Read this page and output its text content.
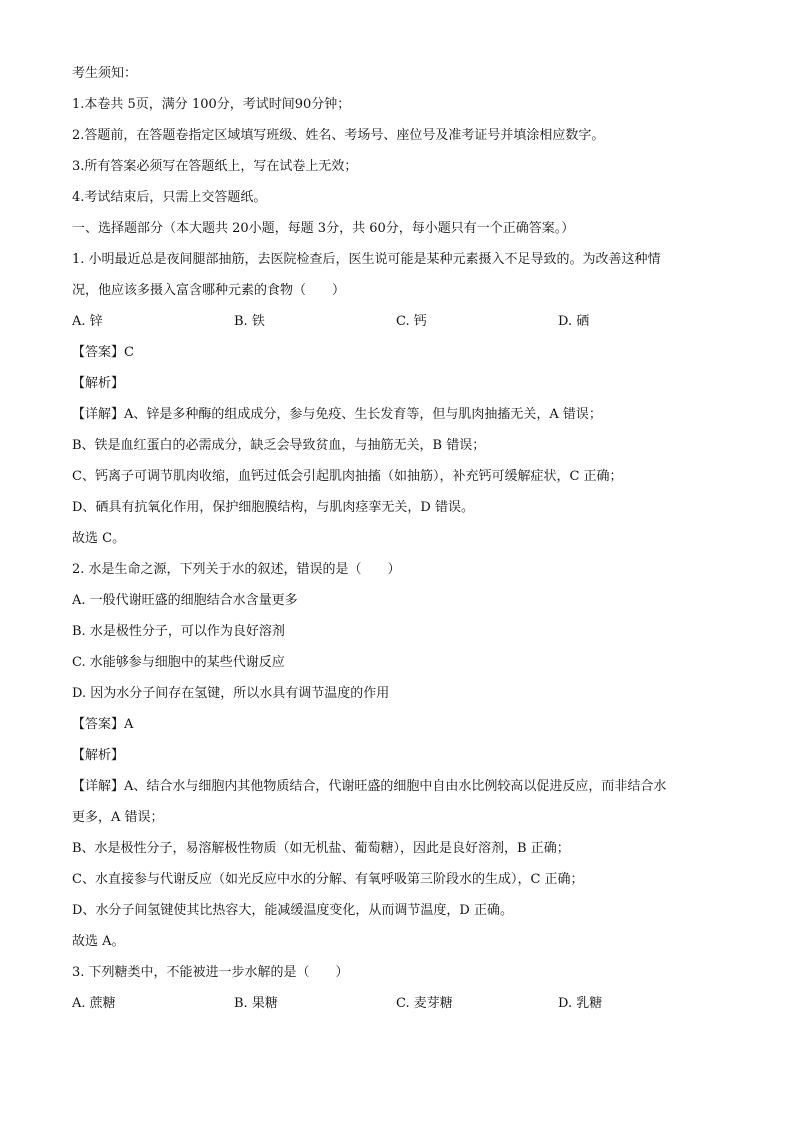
考生须知：
1.本卷共 5页，满分 100分，考试时间90分钟；
2.答题前，在答题卷指定区域填写班级、姓名、考场号、座位号及准考证号并填涂相应数字。
3.所有答案必须写在答题纸上，写在试卷上无效；
4.考试结束后，只需上交答题纸。
一、选择题部分（本大题共 20小题，每题 3分，共 60分，每小题只有一个正确答案。）
1. 小明最近总是夜间腿部抽筋，去医院检查后，医生说可能是某种元素摄入不足导致的。为改善这种情
况，他应该多摄入富含哪种元素的食物（　　）
A. 锌	B. 铁	C. 钙	D. 硒
【答案】C
【解析】
【详解】A、锌是多种酶的组成成分，参与免疫、生长发育等，但与肌肉抽搐无关，A 错误；
B、铁是血红蛋白的必需成分，缺乏会导致贫血，与抽筋无关，B 错误；
C、钙离子可调节肌肉收缩，血钙过低会引起肌肉抽搐（如抽筋），补充钙可缓解症状，C 正确；
D、硒具有抗氧化作用，保护细胞膜结构，与肌肉痉挛无关，D 错误。
故选 C。
2. 水是生命之源，下列关于水的叙述，错误的是（　　）
A. 一般代谢旺盛的细胞结合水含量更多
B. 水是极性分子，可以作为良好溶剂
C. 水能够参与细胞中的某些代谢反应
D. 因为水分子间存在氢键，所以水具有调节温度的作用
【答案】A
【解析】
【详解】A、结合水与细胞内其他物质结合，代谢旺盛的细胞中自由水比例较高以促进反应，而非结合水
更多，A 错误；
B、水是极性分子，易溶解极性物质（如无机盐、葡萄糖），因此是良好溶剂，B 正确；
C、水直接参与代谢反应（如光反应中水的分解、有氧呼吸第三阶段水的生成），C 正确；
D、水分子间氢键使其比热容大，能减缓温度变化，从而调节温度，D 正确。
故选 A。
3. 下列糖类中，不能被进一步水解的是（　　）
A. 蔗糖	B. 果糖	C. 麦芽糖	D. 乳糖
